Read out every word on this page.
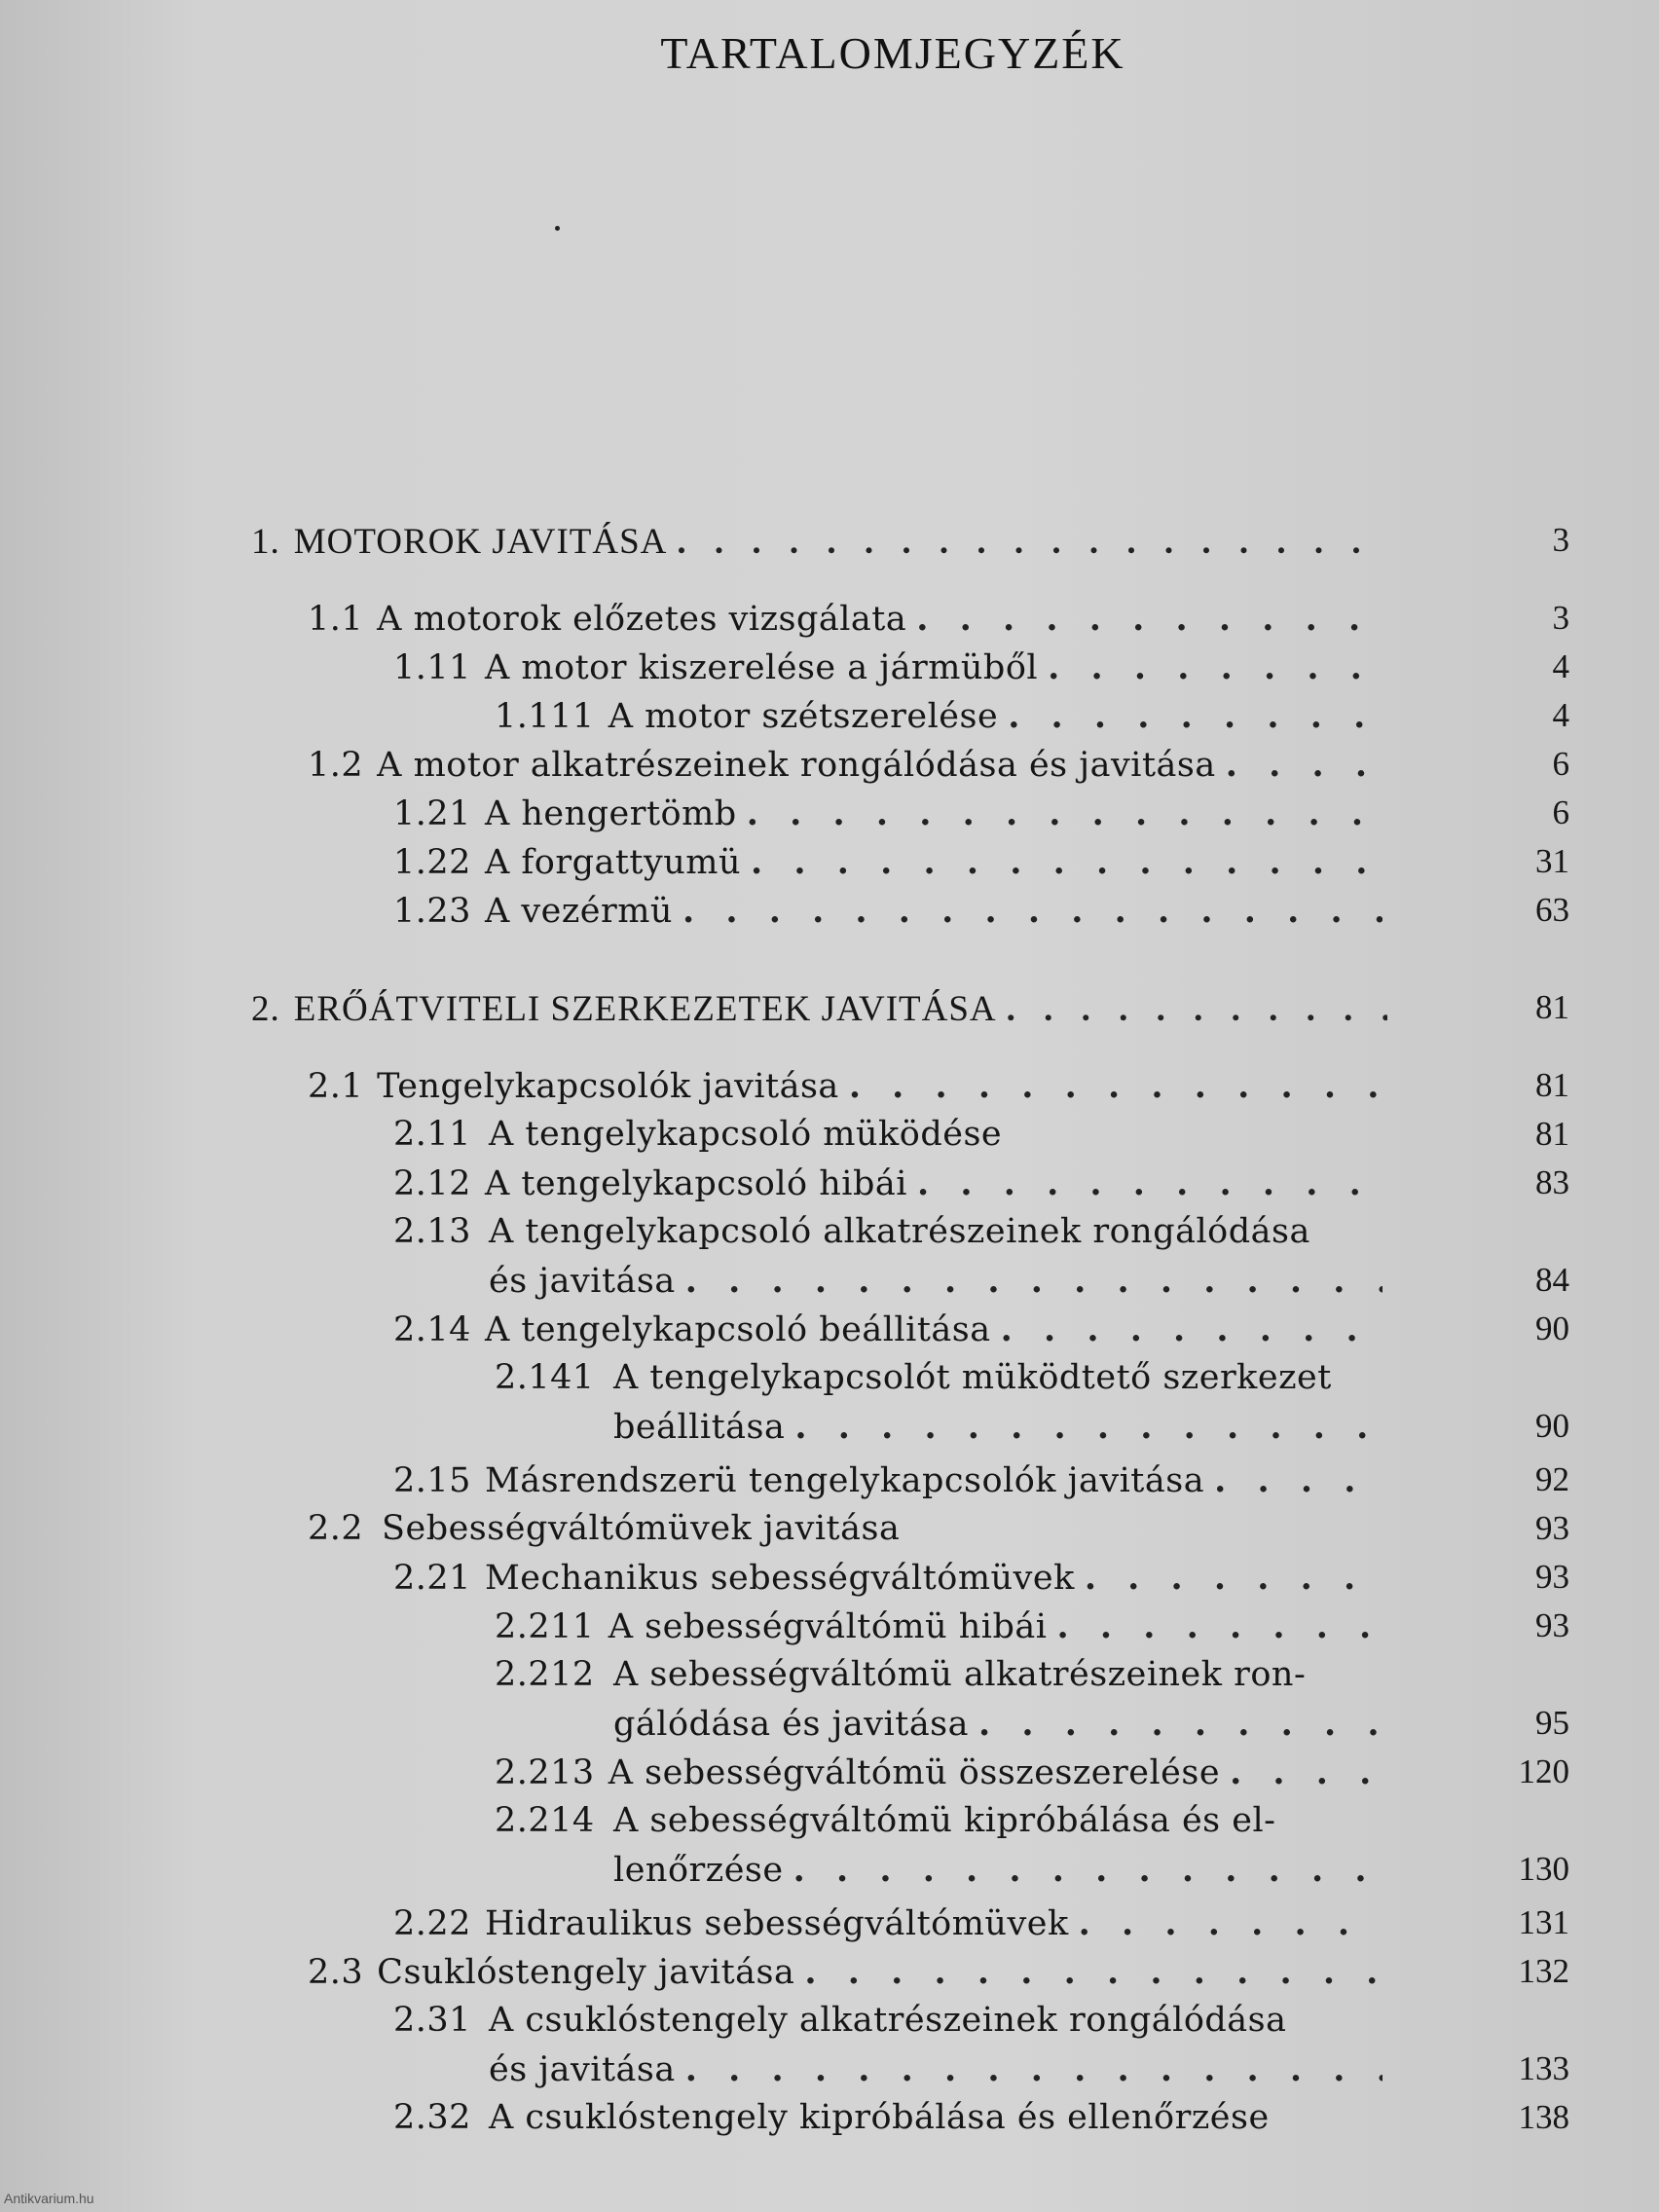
TARTALOMJEGYZÉK
1. MOTOROK JAVITÁSA . . .	3
1.1 A motorok előzetes vizsgálata . . .	3
1.11 A motor kiszerelése a jármüből . . .	4
1.111 A motor szétszerelése . . .	4
1.2 A motor alkatrészeinek rongálódása és javitása . . .	6
1.21 A hengertömb . . .	6
1.22 A forgattyumü . . .	31
1.23 A vezérmü . . .	63
2. ERŐÁTVITELI SZERKEZETEK JAVITÁSA . . .	81
2.1 Tengelykapcsolók javitása . . .	81
2.11 A tengelykapcsoló müködése	81
2.12 A tengelykapcsoló hibái . . .	83
2.13 A tengelykapcsoló alkatrészeinek rongálódása
és javitása . . .	84
2.14 A tengelykapcsoló beállitása . . .	90
2.141 A tengelykapcsolót müködtető szerkezet
beállitása . . .	90
2.15 Másrendszerü tengelykapcsolók javitása . . .	92
2.2 Sebességváltómüvek javitása	93
2.21 Mechanikus sebességváltómüvek . . .	93
2.211 A sebességváltómü hibái . . .	93
2.212 A sebességváltómü alkatrészeinek ron-
gálódása és javitása . . .	95
2.213 A sebességváltómü összeszerelése . . .	120
2.214 A sebességváltómü kipróbálása és el-
lenőrzése . . .	130
2.22 Hidraulikus sebességváltómüvek . . .	131
2.3 Csuklóstengely javitása . . .	132
2.31 A csuklóstengely alkatrészeinek rongálódása
és javitása . . .	133
2.32 A csuklóstengely kipróbálása és ellenőrzése	138
Antikvarium.hu
